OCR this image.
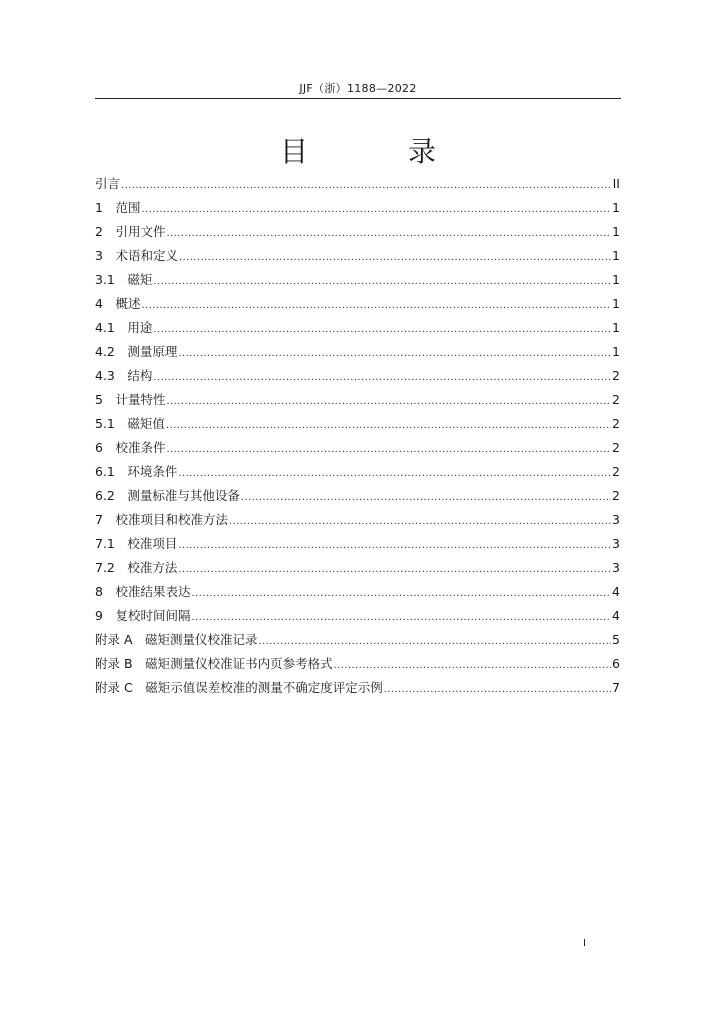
JJF（浙）1188—2022
目　录
引言 .....	II
1　 范围 .....	1
2　 引用文件 .....	1
3　 术语和定义 .....	1
3.1　 磁矩 .....	1
4　 概述 .....	1
4.1　 用途 .....	1
4.2　 测量原理 .....	1
4.3　 结构 .....	2
5　 计量特性 .....	2
5.1　 磁矩值 .....	2
6　 校准条件 .....	2
6.1　 环境条件 .....	2
6.2　 测量标准与其他设备 .....	2
7　 校准项目和校准方法 .....	3
7.1　 校准项目 .....	3
7.2　 校准方法 .....	3
8　 校准结果表达 .....	4
9　 复校时间间隔 .....	4
附录 A　 磁矩测量仪校准记录 .....	5
附录 B　 磁矩测量仪校准证书内页参考格式 .....	6
附录 C　 磁矩示值误差校准的测量不确定度评定示例 .....	7
I
